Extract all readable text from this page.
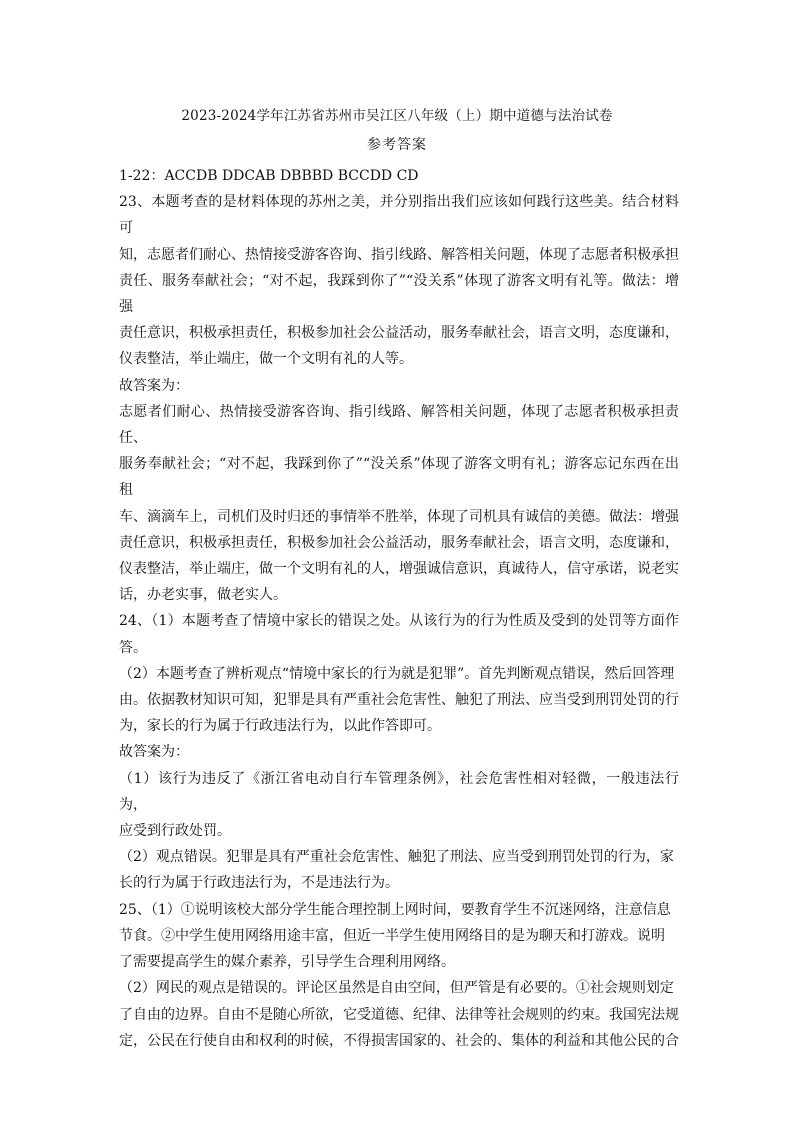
2023-2024学年江苏省苏州市吴江区八年级（上）期中道德与法治试卷
参考答案

1-22：ACCDB DDCAB DBBBD BCCDD CD

23、本题考查的是材料体现的苏州之美，并分别指出我们应该如何践行这些美。结合材料可

知，志愿者们耐心、热情接受游客咨询、指引线路、解答相关问题，体现了志愿者积极承担

责任、服务奉献社会；“对不起，我踩到你了”“没关系”体现了游客文明有礼等。做法：增强

责任意识，积极承担责任，积极参加社会公益活动，服务奉献社会，语言文明，态度谦和，

仪表整洁，举止端庄，做一个文明有礼的人等。

故答案为：

志愿者们耐心、热情接受游客咨询、指引线路、解答相关问题，体现了志愿者积极承担责任、

服务奉献社会；“对不起，我踩到你了”“没关系”体现了游客文明有礼；游客忘记东西在出租

车、滴滴车上，司机们及时归还的事情举不胜举，体现了司机具有诚信的美德。做法：增强

责任意识，积极承担责任，积极参加社会公益活动，服务奉献社会，语言文明，态度谦和，

仪表整洁，举止端庄，做一个文明有礼的人，增强诚信意识，真诚待人，信守承诺，说老实

话，办老实事，做老实人。

24、（1）本题考查了情境中家长的错误之处。从该行为的行为性质及受到的处罚等方面作答。

（2）本题考查了辨析观点“情境中家长的行为就是犯罪”。首先判断观点错误，然后回答理

由。依据教材知识可知，犯罪是具有严重社会危害性、触犯了刑法、应当受到刑罚处罚的行

为，家长的行为属于行政违法行为，以此作答即可。

故答案为：

（1）该行为违反了《浙江省电动自行车管理条例》，社会危害性相对轻微，一般违法行为，

应受到行政处罚。

（2）观点错误。犯罪是具有严重社会危害性、触犯了刑法、应当受到刑罚处罚的行为，家

长的行为属于行政违法行为，不是违法行为。

25、（1）①说明该校大部分学生能合理控制上网时间，要教育学生不沉迷网络，注意信息

节食。②中学生使用网络用途丰富，但近一半学生使用网络目的是为聊天和打游戏。说明

了需要提高学生的媒介素养，引导学生合理利用网络。

（2）网民的观点是错误的。评论区虽然是自由空间，但严管是有必要的。①社会规则划定

了自由的边界。自由不是随心所欲，它受道德、纪律、法律等社会规则的约束。我国宪法规

定，公民在行使自由和权利的时候，不得损害国家的、社会的、集体的利益和其他公民的合
